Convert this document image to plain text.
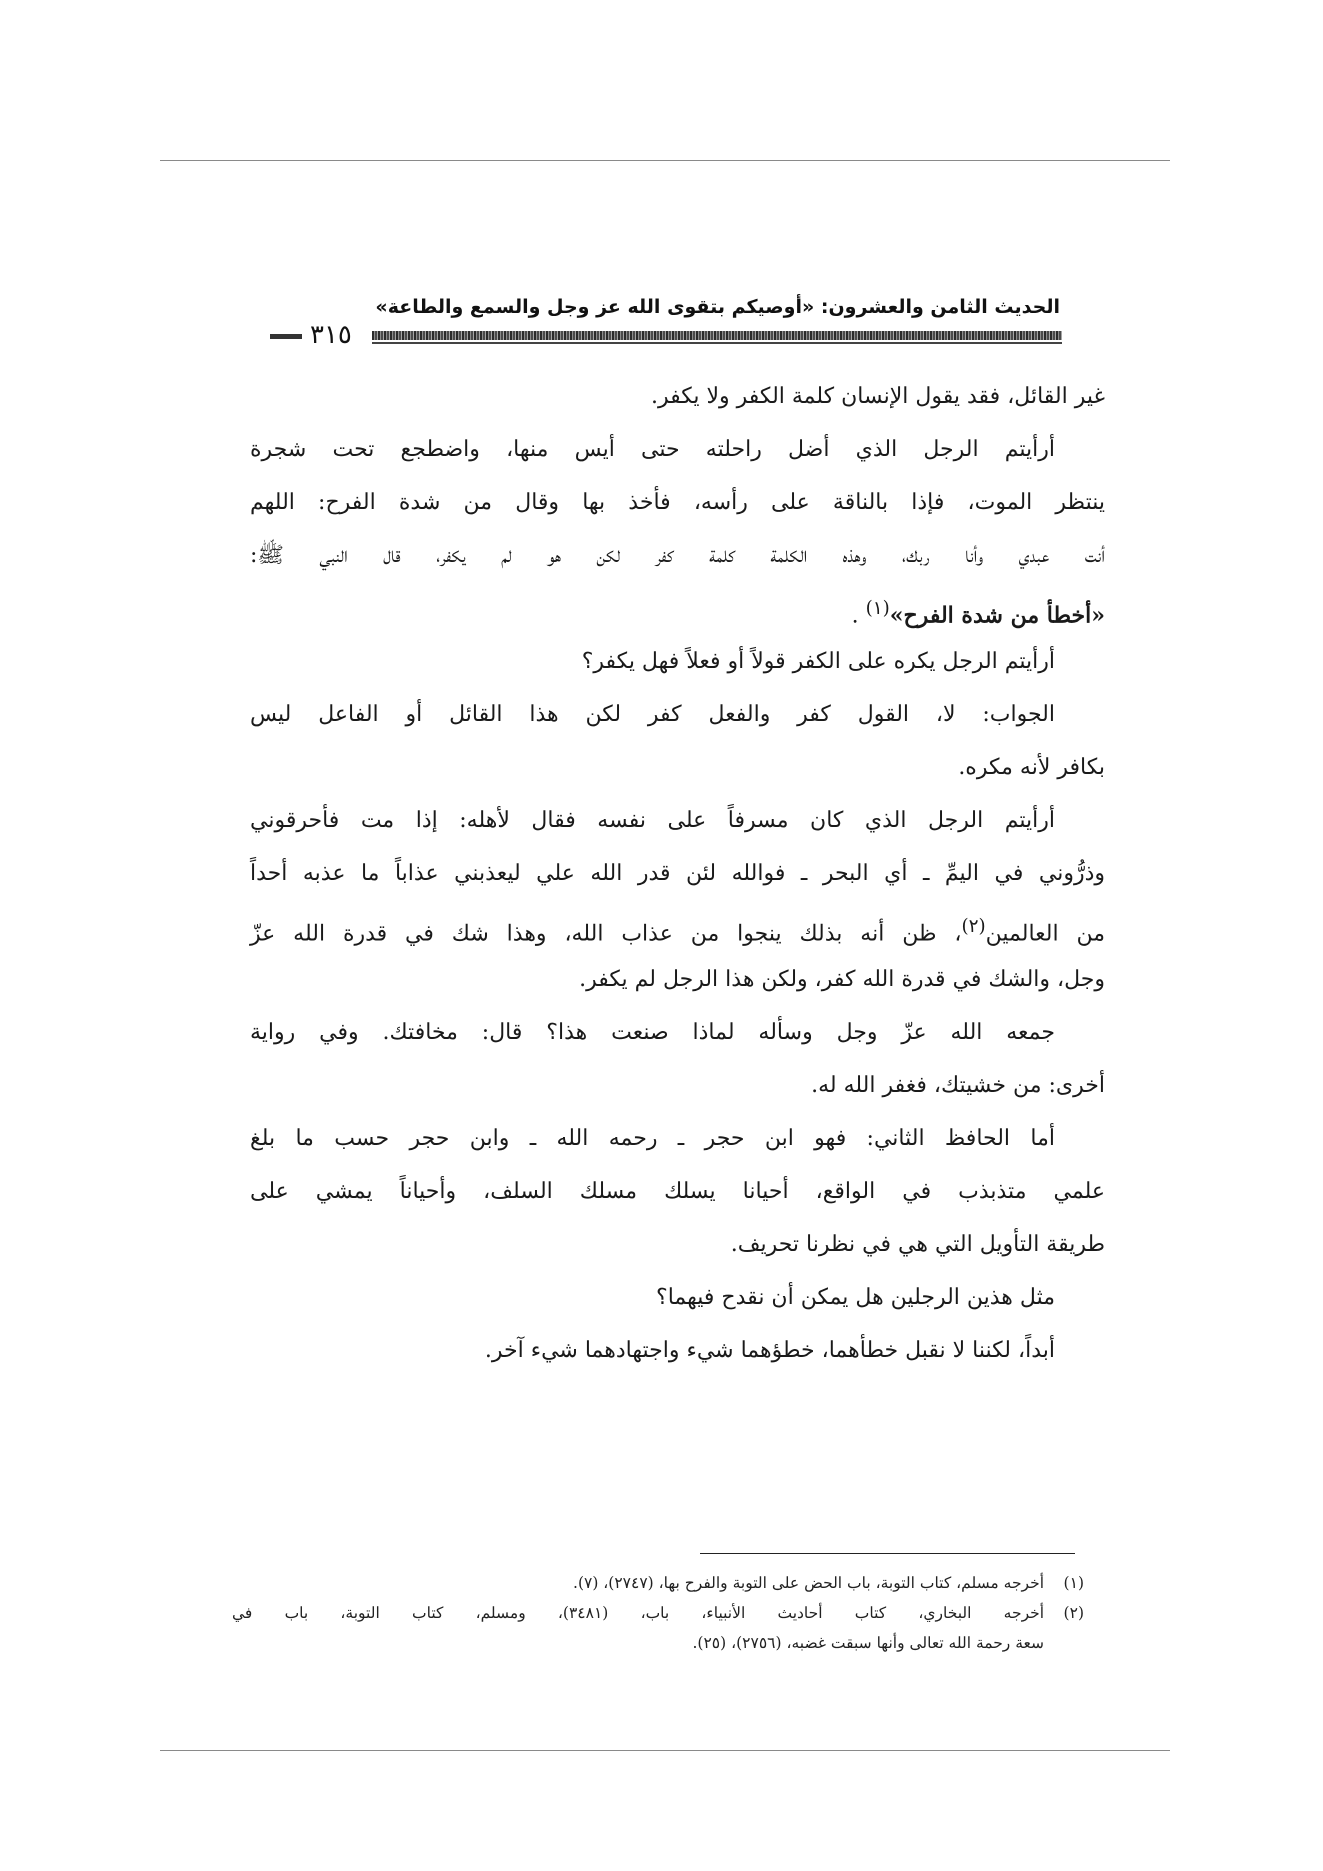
الحديث الثامن والعشرون: «أوصيكم بتقوى الله عز وجل والسمع والطاعة»
٣١٥
غير القائل، فقد يقول الإنسان كلمة الكفر ولا يكفر.
أرأيتم الرجل الذي أضل راحلته حتى أيس منها، واضطجع تحت شجرة
ينتظر الموت، فإذا بالناقة على رأسه، فأخذ بها وقال من شدة الفرح: اللهم
أنت عبدي وأنا ربك، وهذه الكلمة كلمة كفر لكن هو لم يكفر، قال النبي ﷺ:
«أخطأ من شدة الفرح»$^{(١)}$ .
أرأيتم الرجل يكره على الكفر قولاً أو فعلاً فهل يكفر؟
الجواب: لا، القول كفر والفعل كفر لكن هذا القائل أو الفاعل ليس
بكافر لأنه مكره.
أرأيتم الرجل الذي كان مسرفاً على نفسه فقال لأهله: إذا مت فأحرقوني
وذرُّوني في اليمِّ ـ أي البحر ـ فوالله لئن قدر الله علي ليعذبني عذاباً ما عذبه أحداً
من العالمين$^{(٢)}$، ظن أنه بذلك ينجوا من عذاب الله، وهذا شك في قدرة الله عزّ
وجل، والشك في قدرة الله كفر، ولكن هذا الرجل لم يكفر.
جمعه الله عزّ وجل وسأله لماذا صنعت هذا؟ قال: مخافتك. وفي رواية
أخرى: من خشيتك، فغفر الله له.
أما الحافظ الثاني: فهو ابن حجر ـ رحمه الله ـ وابن حجر حسب ما بلغ
علمي متذبذب في الواقع، أحيانا يسلك مسلك السلف، وأحياناً يمشي على
طريقة التأويل التي هي في نظرنا تحريف.
مثل هذين الرجلين هل يمكن أن نقدح فيهما؟
أبداً، لكننا لا نقبل خطأهما، خطؤهما شيء واجتهادهما شيء آخر.
(١)
أخرجه مسلم، كتاب التوبة، باب الحض على التوبة والفرح بها، (٢٧٤٧)، (٧).
(٢)
أخرجه البخاري، كتاب أحاديث الأنبياء، باب، (٣٤٨١)، ومسلم، كتاب التوبة، باب في
سعة رحمة الله تعالى وأنها سبقت غضبه، (٢٧٥٦)، (٢٥).
